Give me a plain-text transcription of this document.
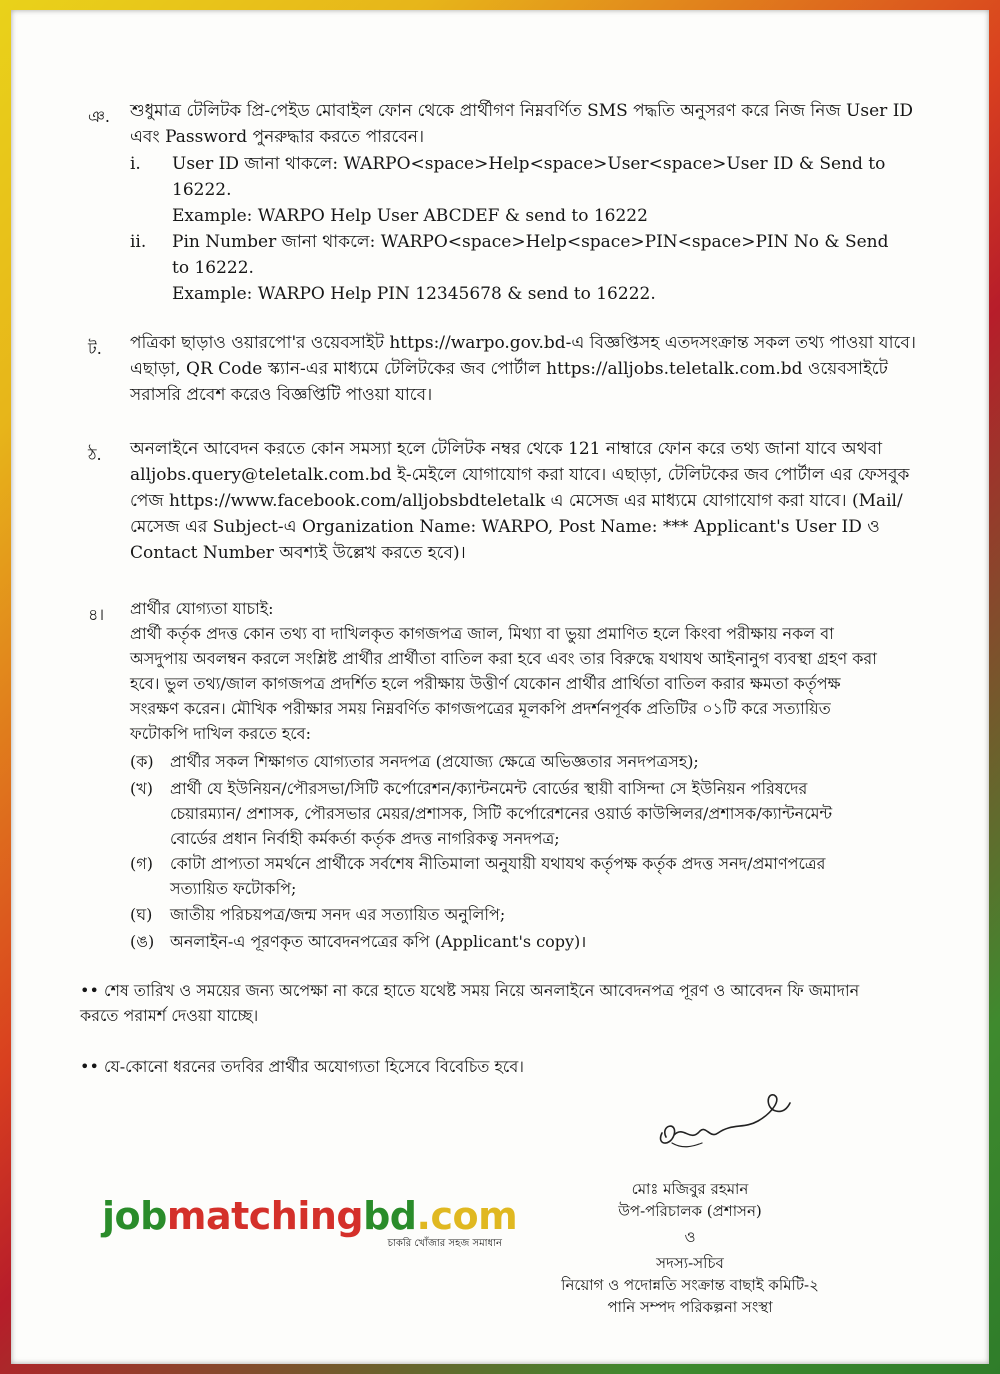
ঞ. শুধুমাত্র টেলিটক প্রি-পেইড মোবাইল ফোন থেকে প্রার্থীগণ নিম্নবর্ণিত SMS পদ্ধতি অনুসরণ করে নিজ নিজ User ID
এবং Password পুনরুদ্ধার করতে পারবেন।
i. User ID জানা থাকলে: WARPO<space>Help<space>User<space>User ID & Send to
16222.
Example: WARPO Help User ABCDEF & send to 16222
ii. Pin Number জানা থাকলে: WARPO<space>Help<space>PIN<space>PIN No & Send
to 16222.
Example: WARPO Help PIN 12345678 & send to 16222.
ট. পত্রিকা ছাড়াও ওয়ারপো'র ওয়েবসাইট https://warpo.gov.bd-এ বিজ্ঞপ্তিসহ এতদসংক্রান্ত সকল তথ্য পাওয়া যাবে।
এছাড়া, QR Code স্ক্যান-এর মাধ্যমে টেলিটকের জব পোর্টাল https://alljobs.teletalk.com.bd ওয়েবসাইটে
সরাসরি প্রবেশ করেও বিজ্ঞপ্তিটি পাওয়া যাবে।
ঠ. অনলাইনে আবেদন করতে কোন সমস্যা হলে টেলিটক নম্বর থেকে 121 নাম্বারে ফোন করে তথ্য জানা যাবে অথবা
alljobs.query@teletalk.com.bd ই-মেইলে যোগাযোগ করা যাবে। এছাড়া, টেলিটকের জব পোর্টাল এর ফেসবুক
পেজ https://www.facebook.com/alljobsbdteletalk এ মেসেজ এর মাধ্যমে যোগাযোগ করা যাবে। (Mail/
মেসেজ এর Subject-এ Organization Name: WARPO, Post Name: *** Applicant's User ID ও
Contact Number অবশ্যই উল্লেখ করতে হবে)।
৪। প্রার্থীর যোগ্যতা যাচাই:
প্রার্থী কর্তৃক প্রদত্ত কোন তথ্য বা দাখিলকৃত কাগজপত্র জাল, মিথ্যা বা ভুয়া প্রমাণিত হলে কিংবা পরীক্ষায় নকল বা
অসদুপায় অবলম্বন করলে সংশ্লিষ্ট প্রার্থীর প্রার্থীতা বাতিল করা হবে এবং তার বিরুদ্ধে যথাযথ আইনানুগ ব্যবস্থা গ্রহণ করা
হবে। ভুল তথ্য/জাল কাগজপত্র প্রদর্শিত হলে পরীক্ষায় উত্তীর্ণ যেকোন প্রার্থীর প্রার্থিতা বাতিল করার ক্ষমতা কর্তৃপক্ষ
সংরক্ষণ করেন। মৌখিক পরীক্ষার সময় নিম্নবর্ণিত কাগজপত্রের মূলকপি প্রদর্শনপূর্বক প্রতিটির ০১টি করে সত্যায়িত
ফটোকপি দাখিল করতে হবে:
(ক) প্রার্থীর সকল শিক্ষাগত যোগ্যতার সনদপত্র (প্রযোজ্য ক্ষেত্রে অভিজ্ঞতার সনদপত্রসহ);
(খ) প্রার্থী যে ইউনিয়ন/পৌরসভা/সিটি কর্পোরেশন/ক্যান্টনমেন্ট বোর্ডের স্থায়ী বাসিন্দা সে ইউনিয়ন পরিষদের
চেয়ারম্যান/ প্রশাসক, পৌরসভার মেয়র/প্রশাসক, সিটি কর্পোরেশনের ওয়ার্ড কাউন্সিলর/প্রশাসক/ক্যান্টনমেন্ট
বোর্ডের প্রধান নির্বাহী কর্মকর্তা কর্তৃক প্রদত্ত নাগরিকত্ব সনদপত্র;
(গ) কোটা প্রাপ্যতা সমর্থনে প্রার্থীকে সর্বশেষ নীতিমালা অনুযায়ী যথাযথ কর্তৃপক্ষ কর্তৃক প্রদত্ত সনদ/প্রমাণপত্রের
সত্যায়িত ফটোকপি;
(ঘ) জাতীয় পরিচয়পত্র/জন্ম সনদ এর সত্যায়িত অনুলিপি;
(ঙ) অনলাইন-এ পূরণকৃত আবেদনপত্রের কপি (Applicant's copy)।
•• শেষ তারিখ ও সময়ের জন্য অপেক্ষা না করে হাতে যথেষ্ট সময় নিয়ে অনলাইনে আবেদনপত্র পূরণ ও আবেদন ফি জমাদান
করতে পরামর্শ দেওয়া যাচ্ছে।
•• যে-কোনো ধরনের তদবির প্রার্থীর অযোগ্যতা হিসেবে বিবেচিত হবে।
মোঃ মজিবুর রহমান
উপ-পরিচালক (প্রশাসন)
ও
সদস্য-সচিব
নিয়োগ ও পদোন্নতি সংক্রান্ত বাছাই কমিটি-২
পানি সম্পদ পরিকল্পনা সংস্থা
jobmatchingbd.com
চাকরি খোঁজার সহজ সমাধান
